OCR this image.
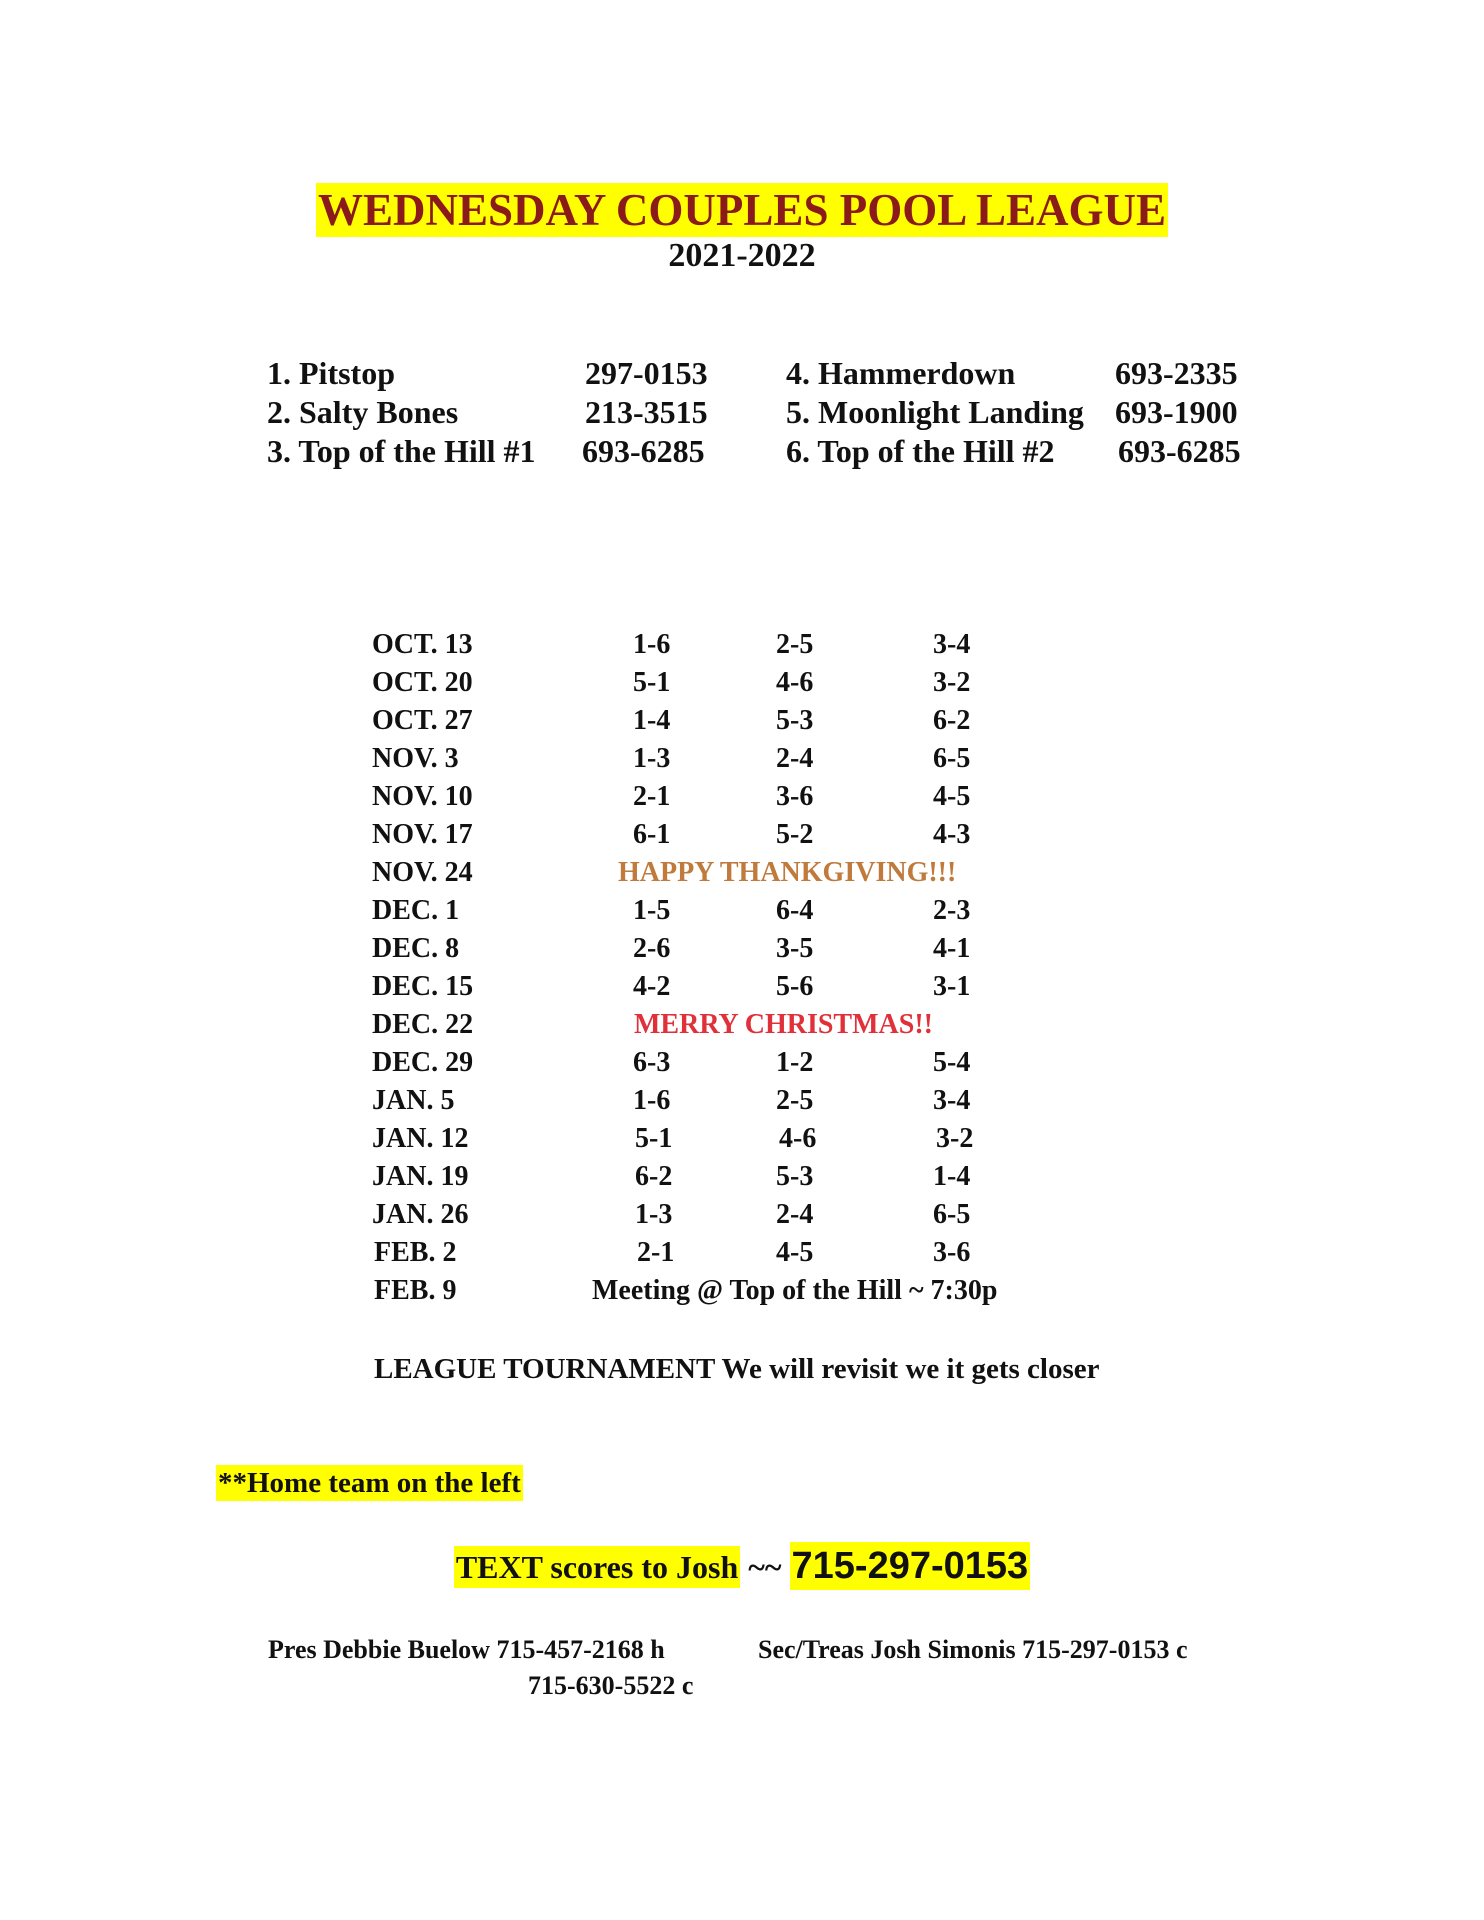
WEDNESDAY COUPLES POOL LEAGUE
2021-2022
1. Pitstop	297-0153
2. Salty Bones	213-3515
3. Top of the Hill #1 693-6285
4. Hammerdown	693-2335
5. Moonlight Landing 693-1900
6. Top of the Hill #2 693-6285
OCT. 13	1-6	2-5	3-4
OCT. 20	5-1	4-6	3-2
OCT. 27	1-4	5-3	6-2
NOV. 3	1-3	2-4	6-5
NOV. 10	2-1	3-6	4-5
NOV. 17	6-1	5-2	4-3
NOV. 24	HAPPY THANKGIVING!!!
DEC. 1	1-5	6-4	2-3
DEC. 8	2-6	3-5	4-1
DEC. 15	4-2	5-6	3-1
DEC. 22	MERRY CHRISTMAS!!
DEC. 29	6-3	1-2	5-4
JAN. 5	1-6	2-5	3-4
JAN. 12	5-1	4-6	3-2
JAN. 19	6-2	5-3	1-4
JAN. 26	1-3	2-4	6-5
FEB. 2	2-1	4-5	3-6
FEB. 9	Meeting @ Top of the Hill ~ 7:30p
LEAGUE TOURNAMENT We will revisit we it gets closer
**Home team on the left
TEXT scores to Josh ~~ 715-297-0153
Pres Debbie Buelow 715-457-2168 h
715-630-5522 c
Sec/Treas Josh Simonis 715-297-0153 c
